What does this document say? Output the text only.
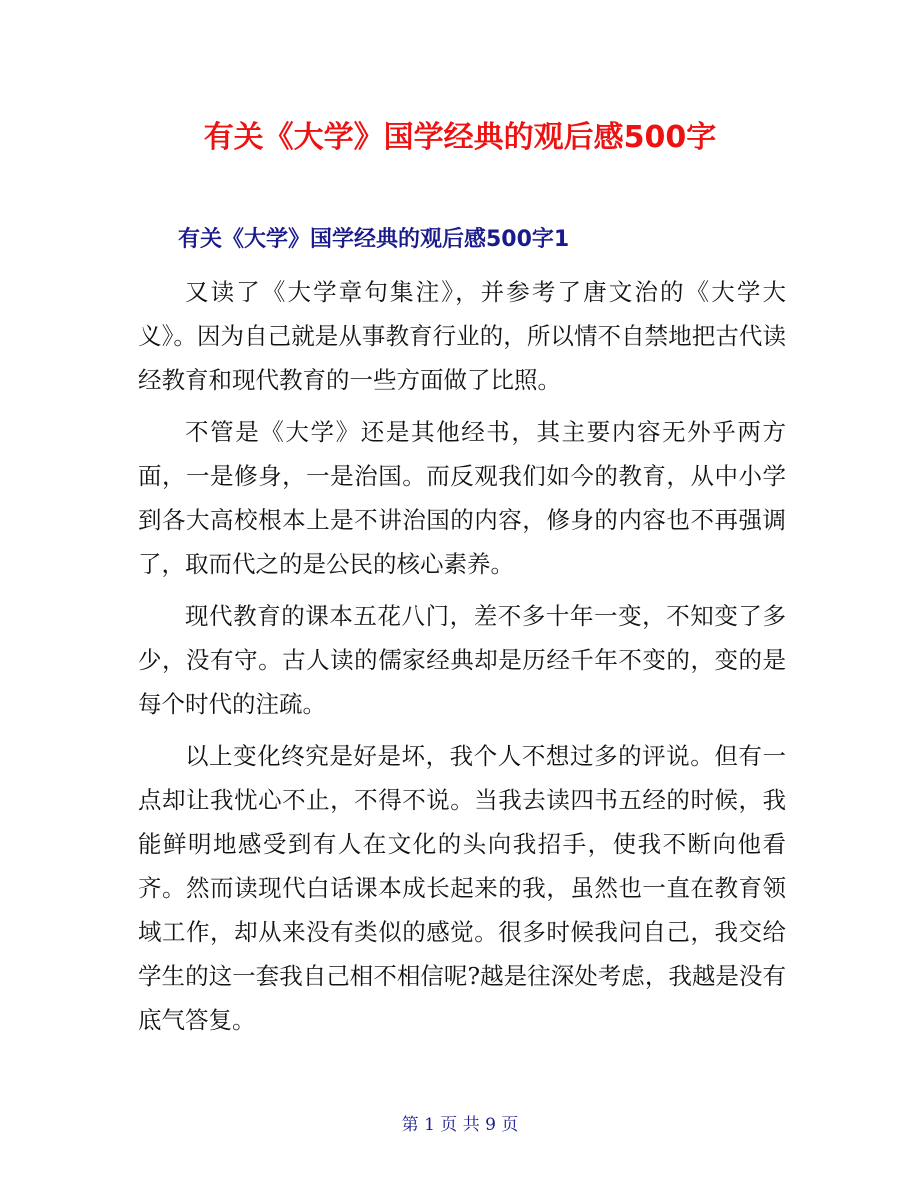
有关《大学》国学经典的观后感500字
有关《大学》国学经典的观后感500字1

又读了《大学章句集注》，并参考了唐文治的《大学大义》。因为自己就是从事教育行业的，所以情不自禁地把古代读经教育和现代教育的一些方面做了比照。

不管是《大学》还是其他经书，其主要内容无外乎两方面，一是修身，一是治国。而反观我们如今的教育，从中小学到各大高校根本上是不讲治国的内容，修身的内容也不再强调了，取而代之的是公民的核心素养。

现代教育的课本五花八门，差不多十年一变，不知变了多少，没有守。古人读的儒家经典却是历经千年不变的，变的是每个时代的注疏。

以上变化终究是好是坏，我个人不想过多的评说。但有一点却让我忧心不止，不得不说。当我去读四书五经的时候，我能鲜明地感受到有人在文化的头向我招手，使我不断向他看齐。然而读现代白话课本成长起来的我，虽然也一直在教育领域工作，却从来没有类似的感觉。很多时候我问自己，我交给学生的这一套我自己相不相信呢?越是往深处考虑，我越是没有底气答复。

第 1 页 共 9 页
